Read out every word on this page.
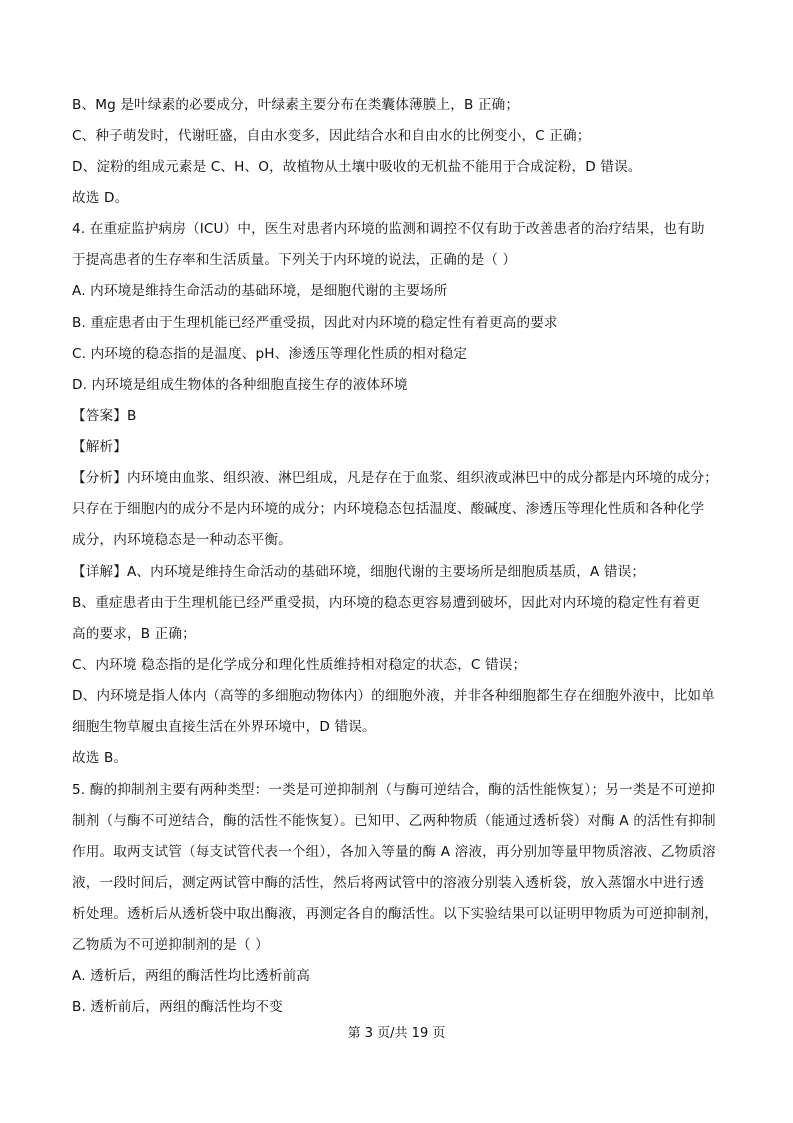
B、Mg 是叶绿素的必要成分，叶绿素主要分布在类囊体薄膜上，B 正确；
C、种子萌发时，代谢旺盛，自由水变多，因此结合水和自由水的比例变小，C 正确；
D、淀粉的组成元素是 C、H、O，故植物从土壤中吸收的无机盐不能用于合成淀粉，D 错误。
故选 D。
4. 在重症监护病房（ICU）中，医生对患者内环境的监测和调控不仅有助于改善患者的治疗结果，也有助
于提高患者的生存率和生活质量。下列关于内环境的说法，正确的是（ ）
A. 内环境是维持生命活动的基础环境，是细胞代谢的主要场所
B. 重症患者由于生理机能已经严重受损，因此对内环境的稳定性有着更高的要求
C. 内环境的稳态指的是温度、pH、渗透压等理化性质的相对稳定
D. 内环境是组成生物体的各种细胞直接生存的液体环境
【答案】B
【解析】
【分析】内环境由血浆、组织液、淋巴组成，凡是存在于血浆、组织液或淋巴中的成分都是内环境的成分；
只存在于细胞内的成分不是内环境的成分；内环境稳态包括温度、酸碱度、渗透压等理化性质和各种化学
成分，内环境稳态是一种动态平衡。
【详解】A、内环境是维持生命活动的基础环境，细胞代谢的主要场所是细胞质基质，A 错误；
B、重症患者由于生理机能已经严重受损，内环境的稳态更容易遭到破坏，因此对内环境的稳定性有着更
高的要求，B 正确；
C、内环境 稳态指的是化学成分和理化性质维持相对稳定的状态，C 错误；
D、内环境是指人体内（高等的多细胞动物体内）的细胞外液，并非各种细胞都生存在细胞外液中，比如单
细胞生物草履虫直接生活在外界环境中，D 错误。
故选 B。
5. 酶的抑制剂主要有两种类型：一类是可逆抑制剂（与酶可逆结合，酶的活性能恢复）；另一类是不可逆抑
制剂（与酶不可逆结合，酶的活性不能恢复）。已知甲、乙两种物质（能通过透析袋）对酶 A 的活性有抑制
作用。取两支试管（每支试管代表一个组），各加入等量的酶 A 溶液，再分别加等量甲物质溶液、乙物质溶
液，一段时间后，测定两试管中酶的活性，然后将两试管中的溶液分别装入透析袋，放入蒸馏水中进行透
析处理。透析后从透析袋中取出酶液，再测定各自的酶活性。以下实验结果可以证明甲物质为可逆抑制剂，
乙物质为不可逆抑制剂的是（ ）
A. 透析后，两组的酶活性均比透析前高
B. 透析前后，两组的酶活性均不变
第 3 页/共 19 页
